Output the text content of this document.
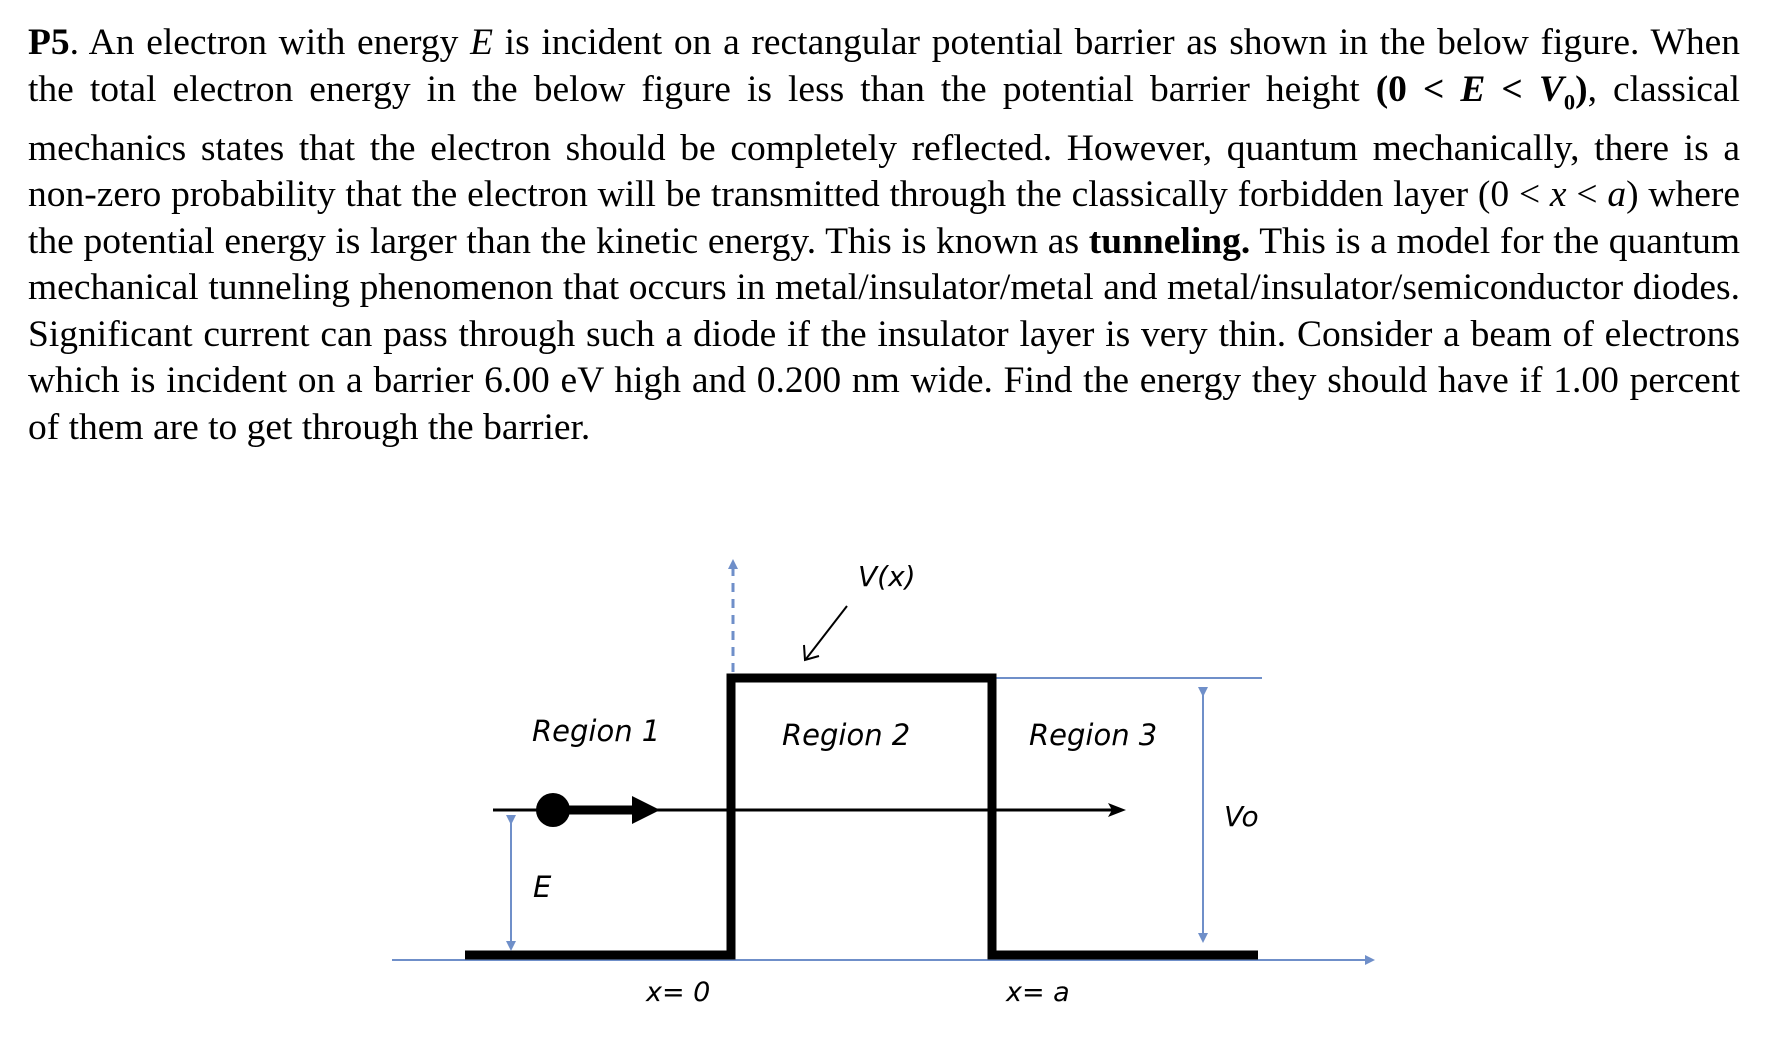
P5. An electron with energy E is incident on a rectangular potential barrier as shown in the below figure. When the total electron energy in the below figure is less than the potential barrier height $(0 < E < V_0)$, classical mechanics states that the electron should be completely reflected. However, quantum mechanically, there is a non-zero probability that the electron will be transmitted through the classically forbidden layer (0 < x < a) where the potential energy is larger than the kinetic energy. This is known as tunneling. This is a model for the quantum mechanical tunneling phenomenon that occurs in metal/insulator/metal and metal/insulator/semiconductor diodes. Significant current can pass through such a diode if the insulator layer is very thin. Consider a beam of electrons which is incident on a barrier 6.00 eV high and 0.200 nm wide. Find the energy they should have if 1.00 percent of them are to get through the barrier.
V(x)
Region 1	Region 2	Region 3
E
Vo
x= 0	x= a
